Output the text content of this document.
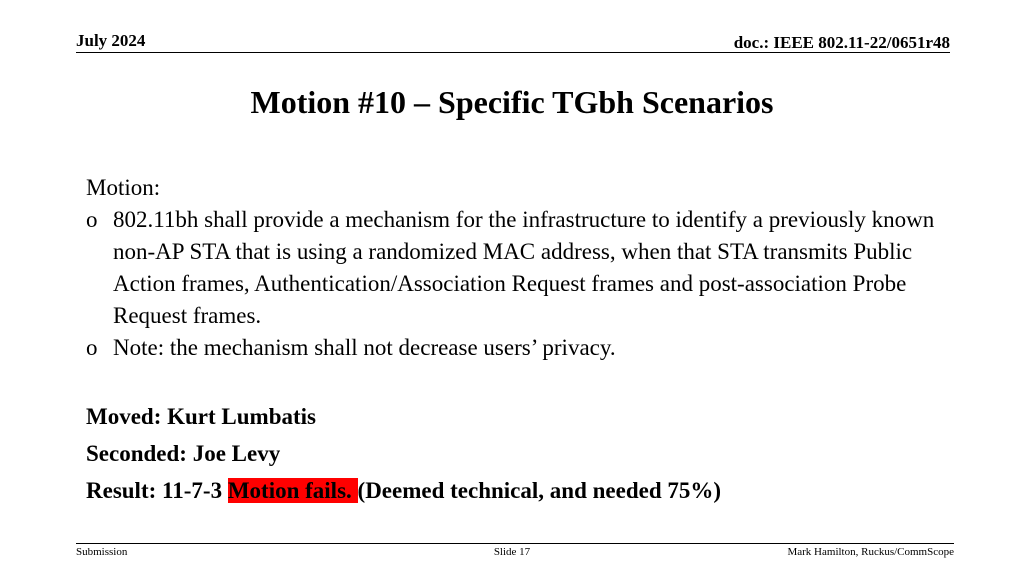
July 2024	doc.: IEEE 802.11-22/0651r48
Motion #10 – Specific TGbh Scenarios

Motion:

o 802.11bh shall provide a mechanism for the infrastructure to identify a previously known non-AP STA that is using a randomized MAC address, when that STA transmits Public Action frames, Authentication/Association Request frames and post-association Probe Request frames.
o Note: the mechanism shall not decrease users’ privacy.

Moved: Kurt Lumbatis

Seconded: Joe Levy

Result: 11-7-3 Motion fails. (Deemed technical, and needed 75%)

Submission	Slide 17	Mark Hamilton, Ruckus/CommScope
